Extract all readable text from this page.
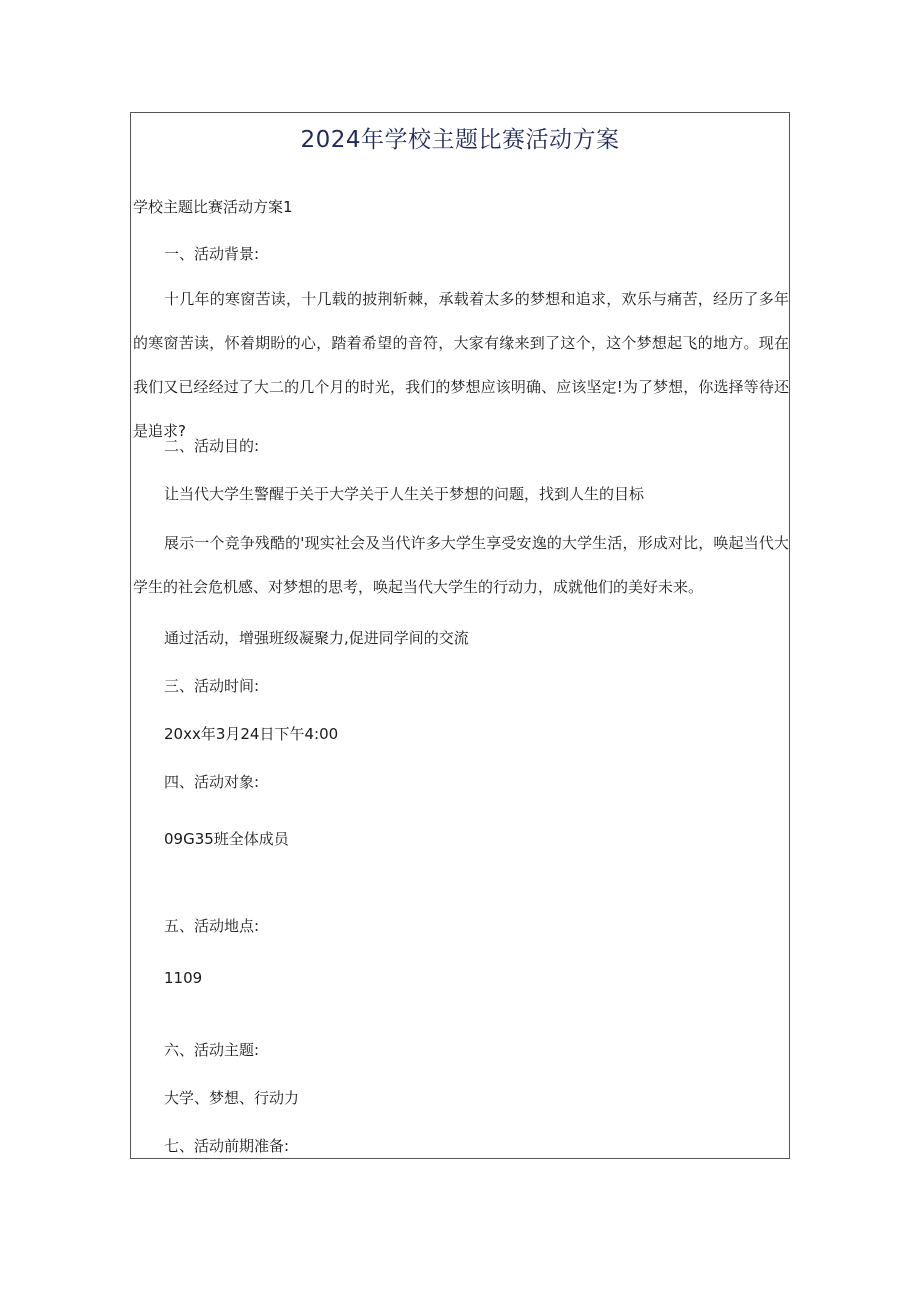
2024年学校主题比赛活动方案

学校主题比赛活动方案1

一、活动背景:

十几年的寒窗苦读，十几载的披荆斩棘，承载着太多的梦想和追求，欢乐与痛苦，经历了多年的寒窗苦读，怀着期盼的心，踏着希望的音符，大家有缘来到了这个，这个梦想起飞的地方。现在我们又已经经过了大二的几个月的时光，我们的梦想应该明确、应该坚定!为了梦想，你选择等待还是追求?

二、活动目的:

让当代大学生警醒于关于大学关于人生关于梦想的问题，找到人生的目标

展示一个竞争残酷的'现实社会及当代许多大学生享受安逸的大学生活，形成对比，唤起当代大学生的社会危机感、对梦想的思考，唤起当代大学生的行动力，成就他们的美好未来。

通过活动，增强班级凝聚力,促进同学间的交流

三、活动时间:

20xx年3月24日下午4:00

四、活动对象:

09G35班全体成员

五、活动地点:

1109

六、活动主题:

大学、梦想、行动力

七、活动前期准备:
